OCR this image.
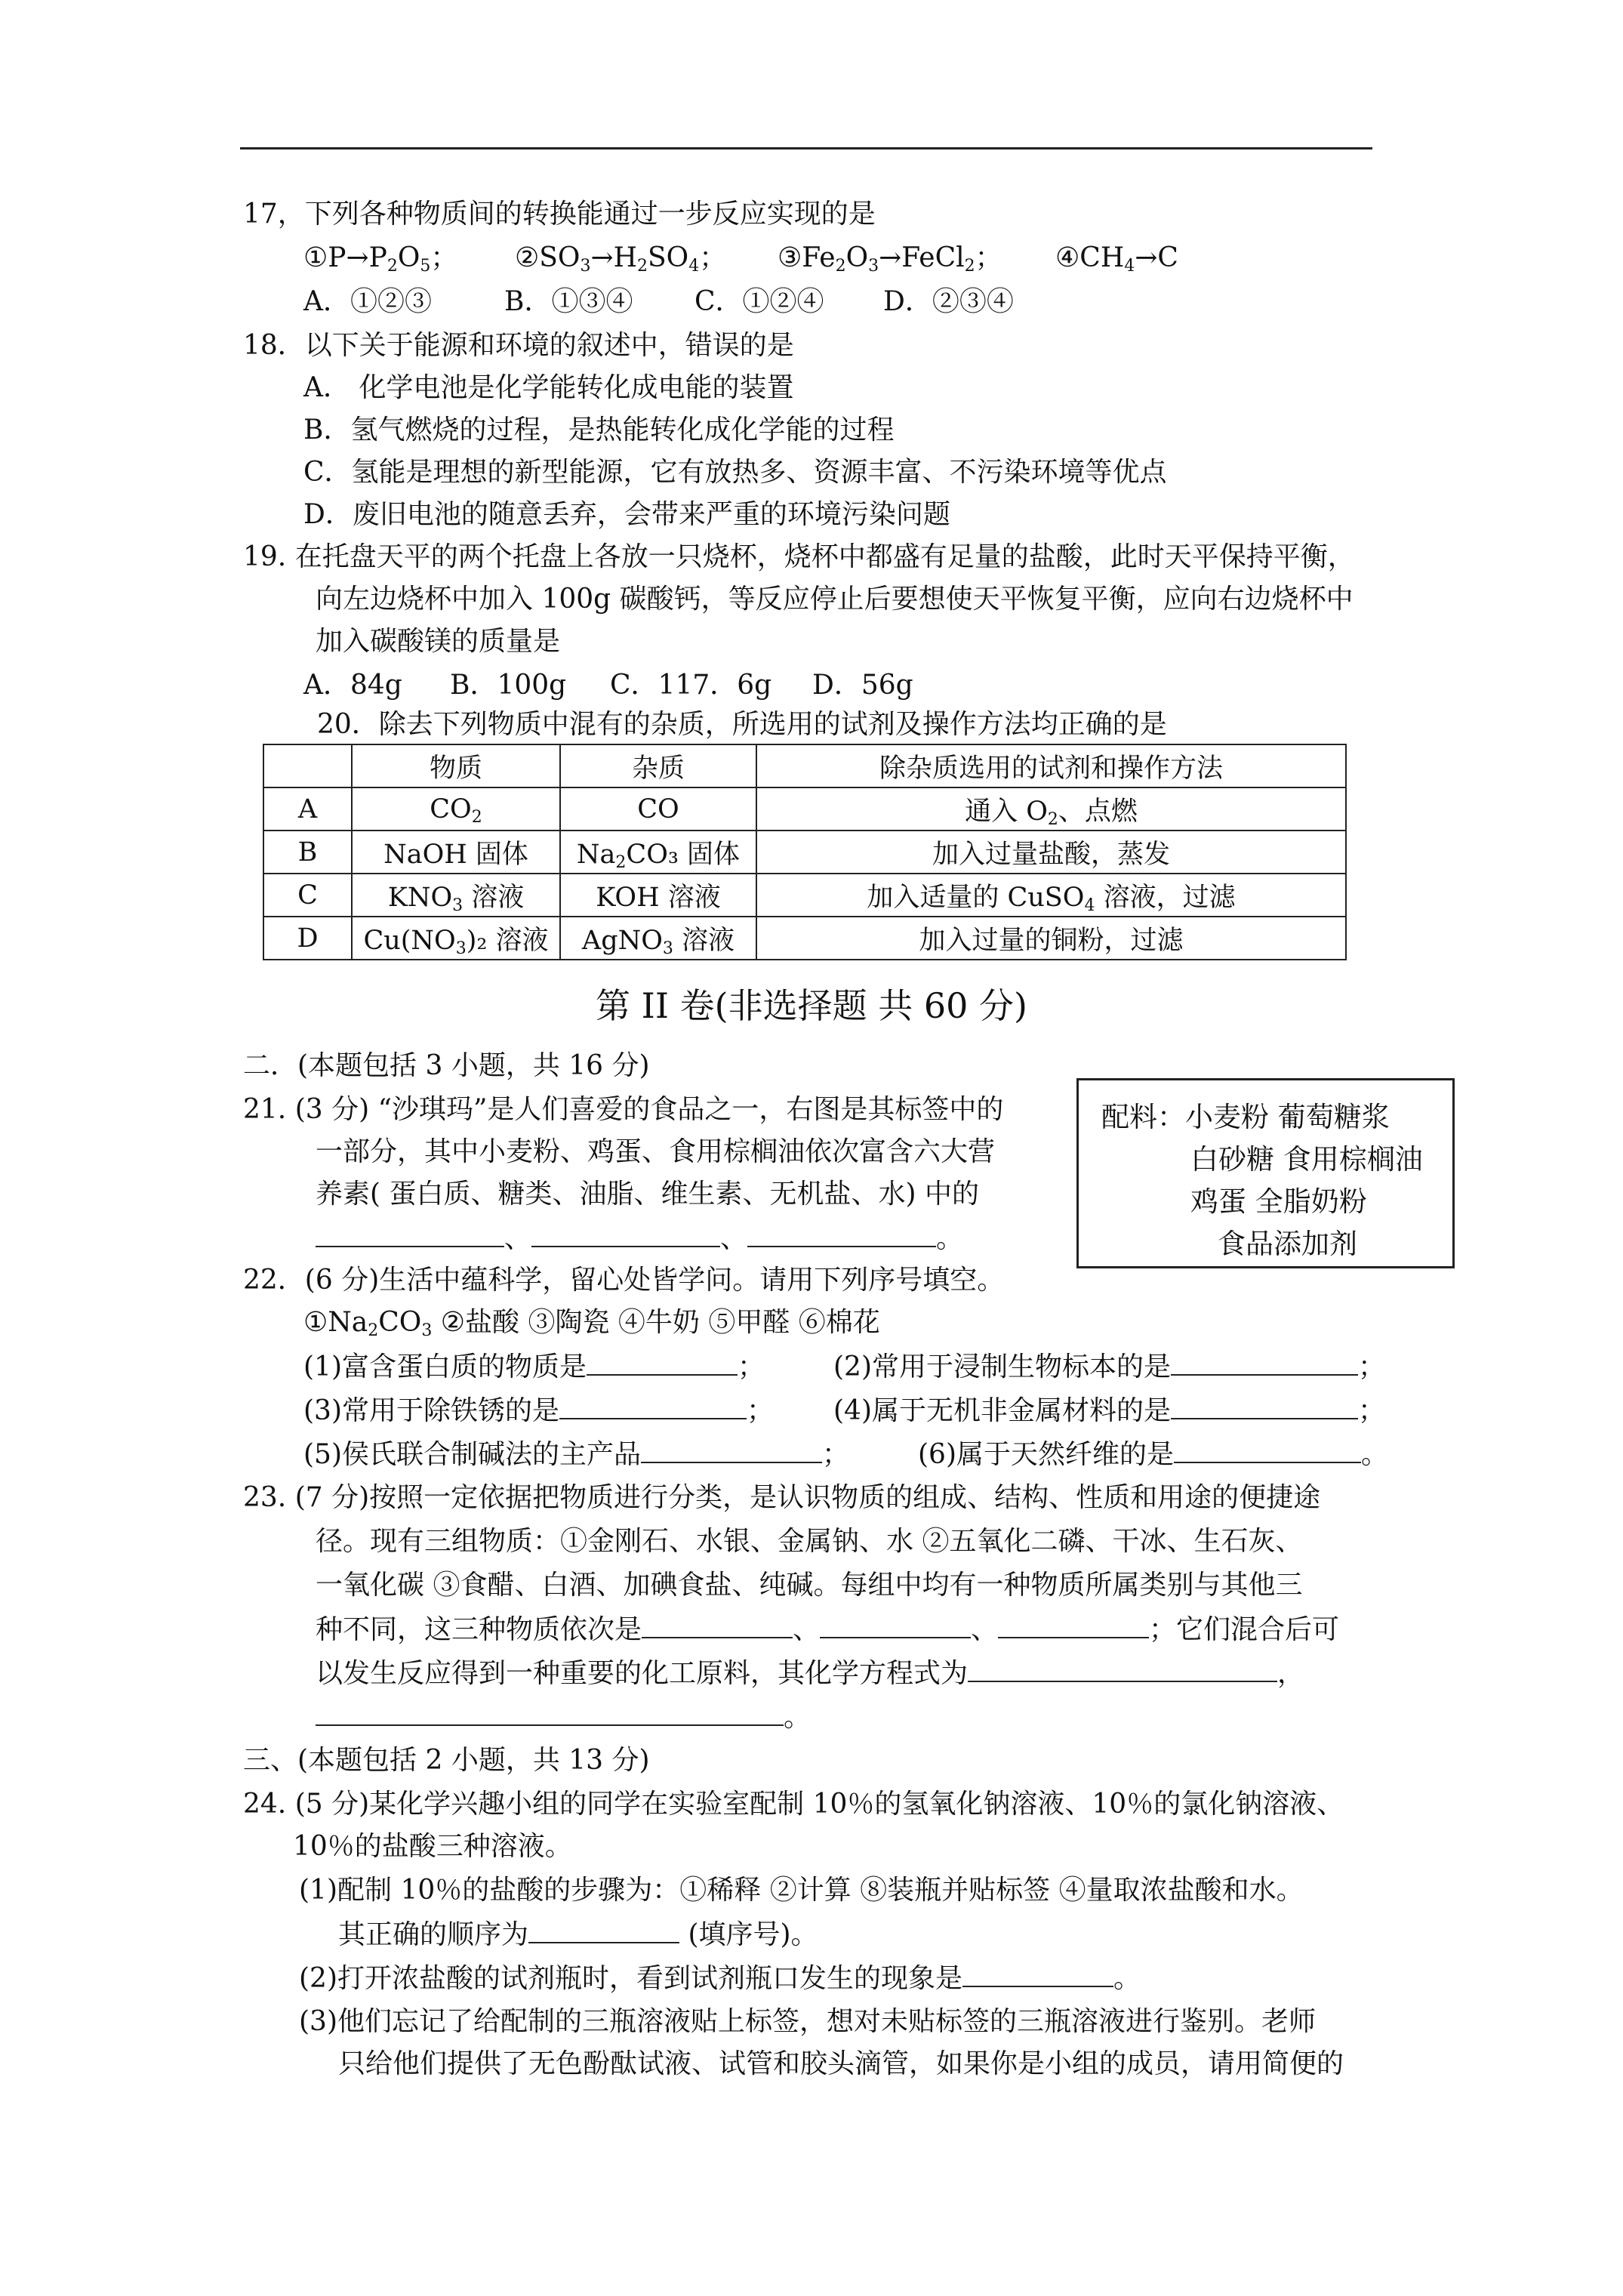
17，下列各种物质间的转换能通过一步反应实现的是
$①P\to P_2O_5$； $②SO_3\to H_2SO_4$； $③Fe_2O_3\to FeCl_2$； $④CH_4\to C$
A．①②③	B．①③④ C．①②④ D．②③④
18．以下关于能源和环境的叙述中，错误的是
A． 化学电池是化学能转化成电能的装置
B．氢气燃烧的过程，是热能转化成化学能的过程
C．氢能是理想的新型能源，它有放热多、资源丰富、不污染环境等优点
D．废旧电池的随意丢弃，会带来严重的环境污染问题
19. 在托盘天平的两个托盘上各放一只烧杯，烧杯中都盛有足量的盐酸，此时天平保持平衡，
向左边烧杯中加入 100g 碳酸钙，等反应停止后要想使天平恢复平衡，应向右边烧杯中
加入碳酸镁的质量是
A．84g B．100g C．117．6g D．56g
20．除去下列物质中混有的杂质，所选用的试剂及操作方法均正确的是
	物质	杂质	除杂质选用的试剂和操作方法
A	$CO_2$	CO	通入 $O_2$、点燃
B	NaOH 固体	$Na_2CO_3$ 固体	加入过量盐酸，蒸发
C	$KNO_3$ 溶液	KOH 溶液	加入适量的 CuSO$_4$ 溶液，过滤
D	$Cu(NO_3)_2$ 溶液	AgNO$_3$ 溶液	加入过量的铜粉，过滤
第 II 卷(非选择题 共 60 分)
二．(本题包括 3 小题，共 16 分)
21. (3 分) “沙琪玛”是人们喜爱的食品之一，右图是其标签中的
一部分，其中小麦粉、鸡蛋、食用棕榈油依次富含六大营
养素( 蛋白质、糖类、油脂、维生素、无机盐、水) 中的
、	、	。
配料：小麦粉 葡萄糖浆
白砂糖 食用棕榈油
鸡蛋 全脂奶粉
食品添加剂
22．(6 分)生活中蕴科学，留心处皆学问。请用下列序号填空。
$①Na_2CO_3$ ②盐酸 ③陶瓷 ④牛奶 ⑤甲醛 ⑥棉花
(1)富含蛋白质的物质是	；	(2)常用于浸制生物标本的是	；
(3)常用于除铁锈的是	； (4)属于无机非金属材料的是	；
(5)侯氏联合制碱法的主产品	；	(6)属于天然纤维的是	。
23. (7 分)按照一定依据把物质进行分类，是认识物质的组成、结构、性质和用途的便捷途
径。现有三组物质：①金刚石、水银、金属钠、水 ②五氧化二磷、干冰、生石灰、
一氧化碳 ③食醋、白酒、加碘食盐、纯碱。每组中均有一种物质所属类别与其他三
种不同，这三种物质依次是	、	、	；它们混合后可
以发生反应得到一种重要的化工原料，其化学方程式为	，
。
三、(本题包括 2 小题，共 13 分)
24. (5 分)某化学兴趣小组的同学在实验室配制 10％的氢氧化钠溶液、10％的氯化钠溶液、
10％的盐酸三种溶液。
(1)配制 10％的盐酸的步骤为：①稀释 ②计算 ⑧装瓶并贴标签 ④量取浓盐酸和水。
其正确的顺序为	(填序号)。
(2)打开浓盐酸的试剂瓶时，看到试剂瓶口发生的现象是	。
(3)他们忘记了给配制的三瓶溶液贴上标签，想对未贴标签的三瓶溶液进行鉴别。老师
只给他们提供了无色酚酞试液、试管和胶头滴管，如果你是小组的成员，请用简便的
